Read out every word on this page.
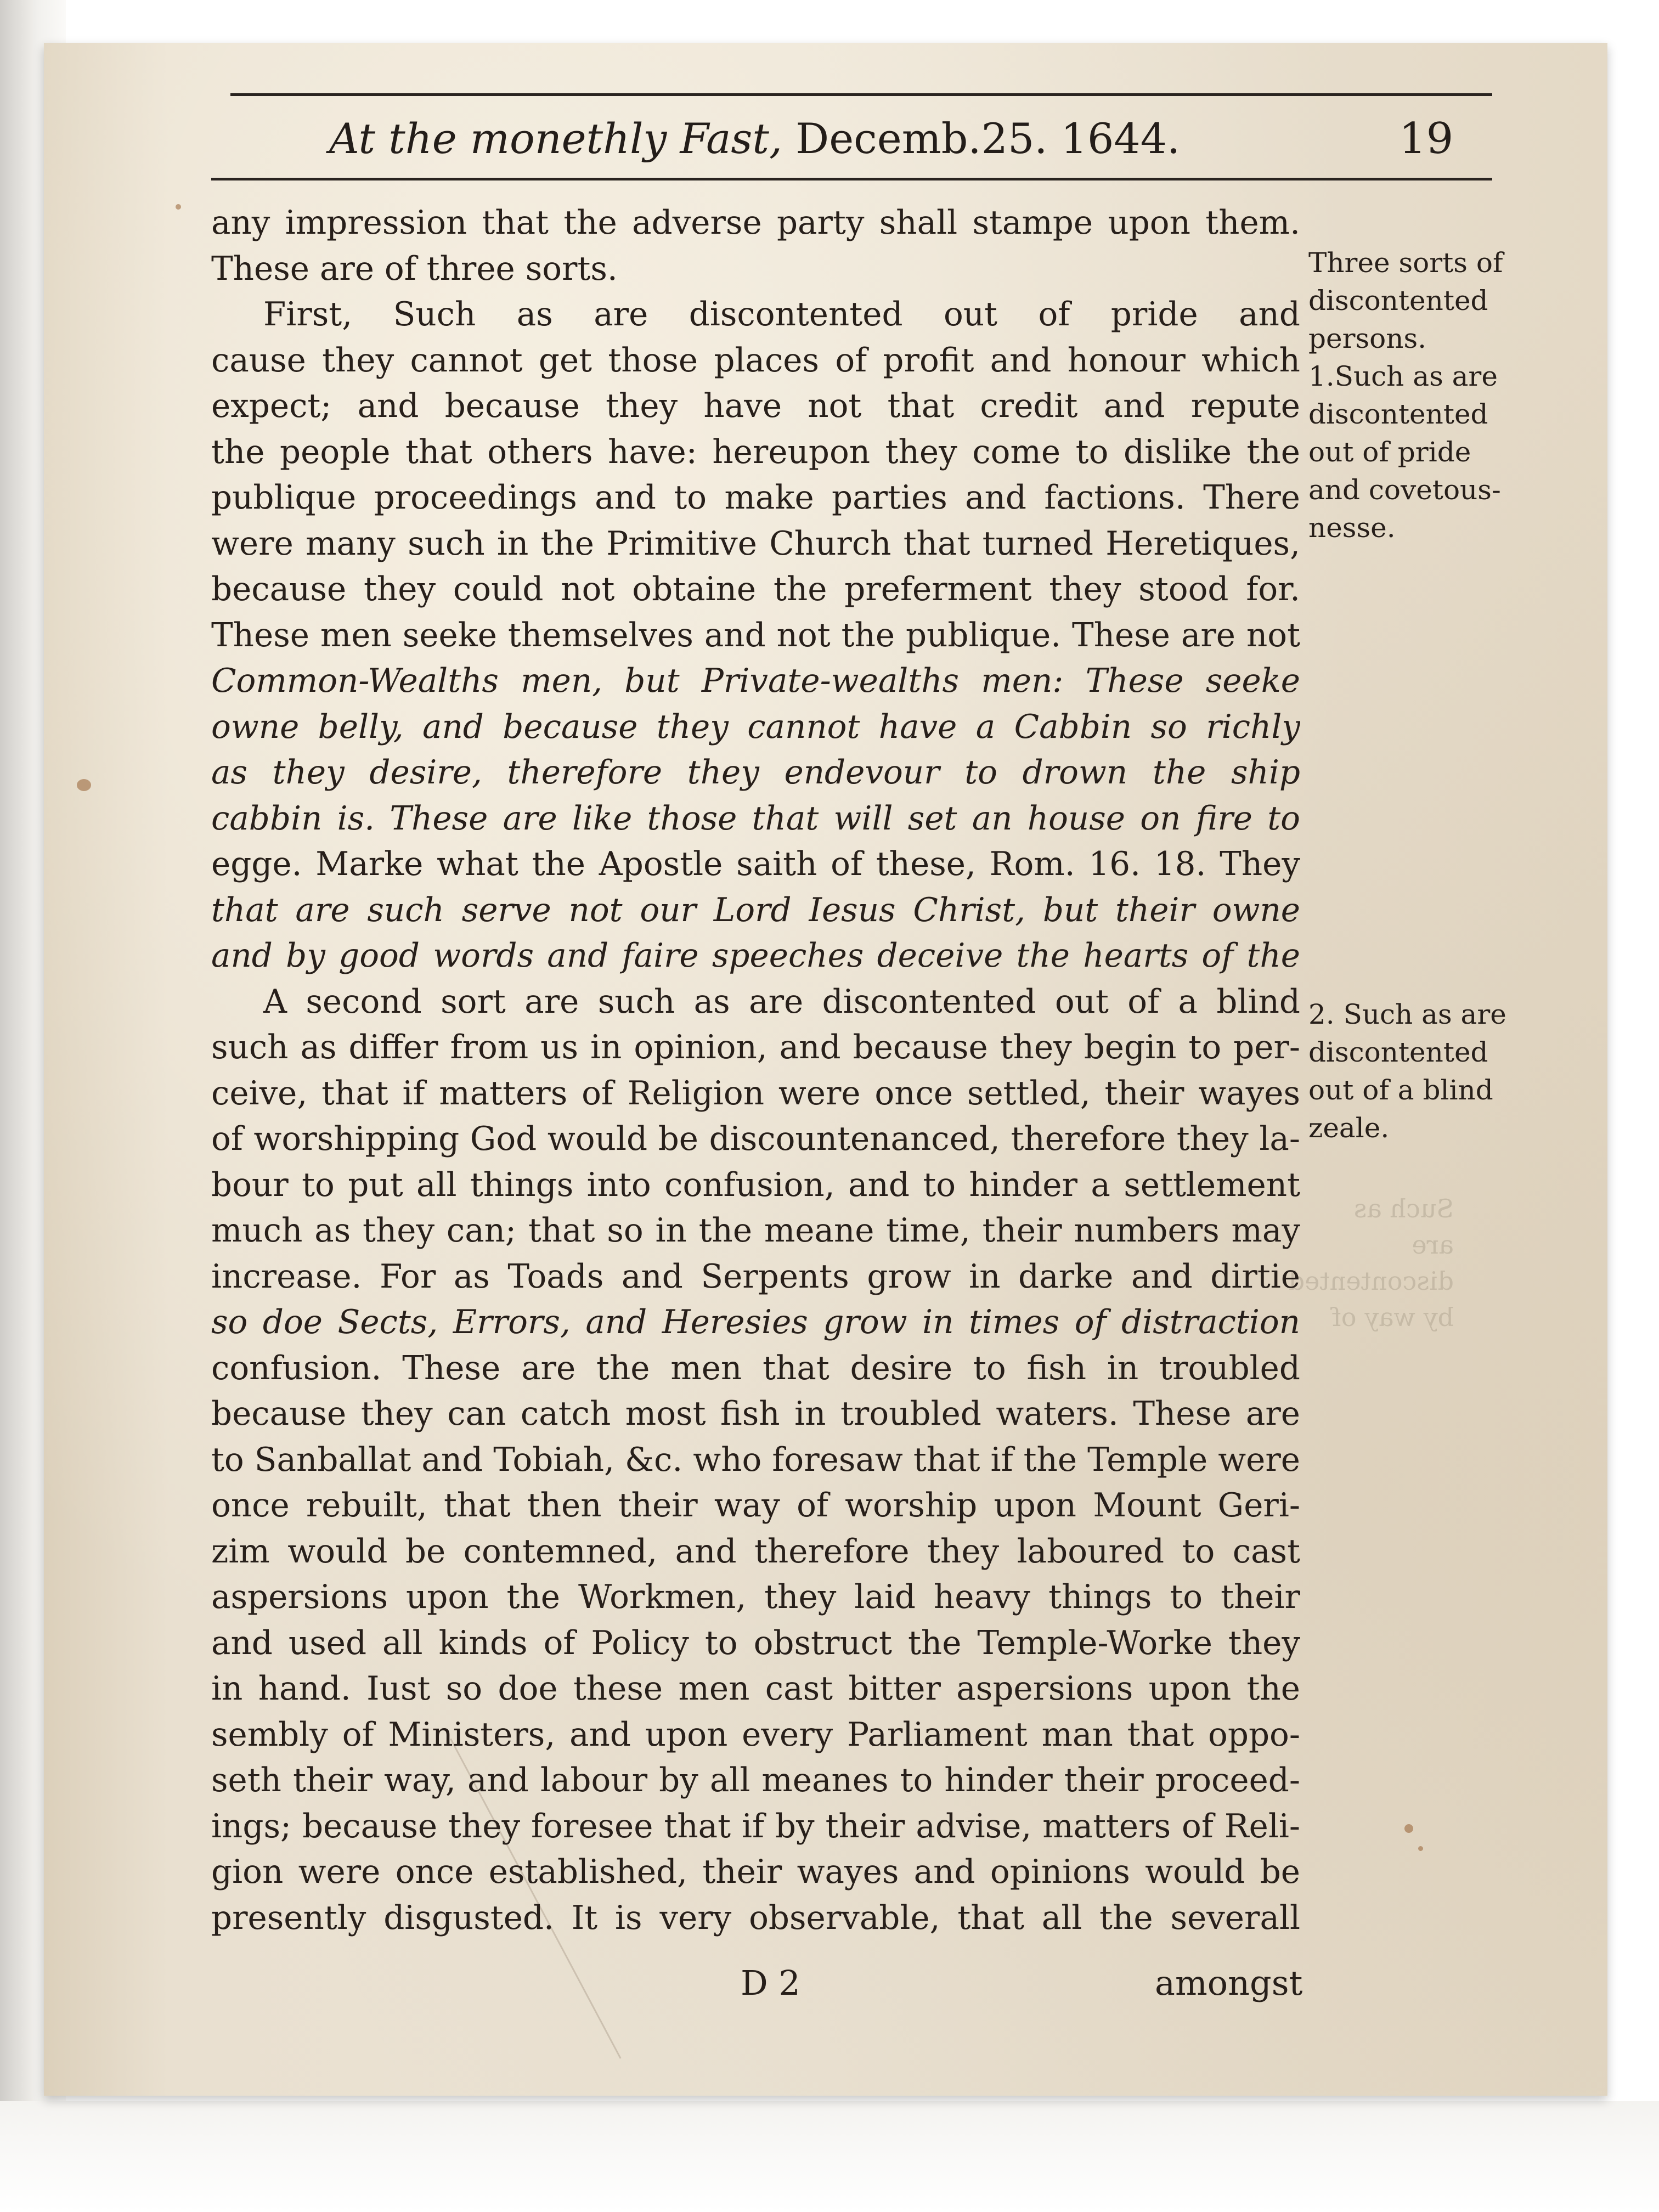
Such as are
discontented
by way of
At the monethly Fast, Decemb.25. 1644.	19
any impression that the adverse party shall stampe upon them.
These are of three sorts.
First, Such as are discontented out of pride and
cause they cannot get those places of profit and honour which
expect; and because they have not that credit and repute
the people that others have: hereupon they come to dislike the
publique proceedings and to make parties and factions. There
were many such in the Primitive Church that turned Heretiques,
because they could not obtaine the preferment they stood for.
These men seeke themselves and not the publique. These are not
Common-Wealths men, but Private-wealths men: These seeke
owne belly, and because they cannot have a Cabbin so richly
as they desire, therefore they endevour to drown the ship
cabbin is. These are like those that will set an house on fire to
egge. Marke what the Apostle saith of these, Rom. 16. 18. They
that are such serve not our Lord Iesus Christ, but their owne
and by good words and faire speeches deceive the hearts of the
A second sort are such as are discontented out of a blind
such as differ from us in opinion, and because they begin to per-
ceive, that if matters of Religion were once settled, their wayes
of worshipping God would be discountenanced, therefore they la-
bour to put all things into confusion, and to hinder a settlement
much as they can; that so in the meane time, their numbers may
increase. For as Toads and Serpents grow in darke and dirtie
so doe Sects, Errors, and Heresies grow in times of distraction
confusion. These are the men that desire to fish in troubled
because they can catch most fish in troubled waters. These are
to Sanballat and Tobiah, &c. who foresaw that if the Temple were
once rebuilt, that then their way of worship upon Mount Geri-
zim would be contemned, and therefore they laboured to cast
aspersions upon the Workmen, they laid heavy things to their
and used all kinds of Policy to obstruct the Temple-Worke they
in hand. Iust so doe these men cast bitter aspersions upon the
sembly of Ministers, and upon every Parliament man that oppo-
seth their way, and labour by all meanes to hinder their proceed-
ings; because they foresee that if by their advise, matters of Reli-
gion were once established, their wayes and opinions would be
presently disgusted. It is very observable, that all the severall
Three sorts of
discontented
persons.
1.Such as are
discontented
out of pride
and covetous-
nesse.
2. Such as are
discontented
out of a blind
zeale.
D 2	amongst
